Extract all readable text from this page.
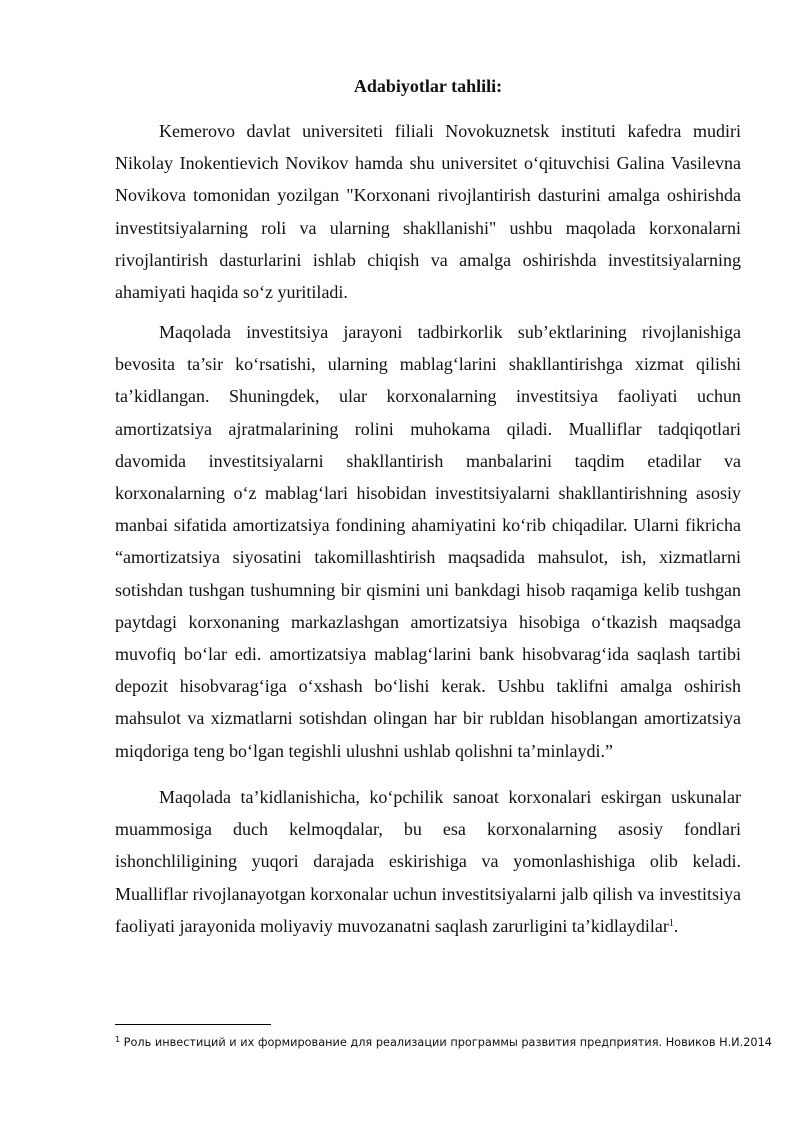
Adabiyotlar tahlili:

Kemerovo davlat universiteti filiali Novokuznetsk instituti kafedra mudiri Nikolay Inokentievich Novikov hamda shu universitet o‘qituvchisi Galina Vasilevna Novikova tomonidan yozilgan "Korxonani rivojlantirish dasturini amalga oshirishda investitsiyalarning roli va ularning shakllanishi" ushbu maqolada korxonalarni rivojlantirish dasturlarini ishlab chiqish va amalga oshirishda investitsiyalarning ahamiyati haqida so‘z yuritiladi.

Maqolada investitsiya jarayoni tadbirkorlik sub’ektlarining rivojlanishiga bevosita ta’sir ko‘rsatishi, ularning mablag‘larini shakllantirishga xizmat qilishi ta’kidlangan. Shuningdek, ular korxonalarning investitsiya faoliyati uchun amortizatsiya ajratmalarining rolini muhokama qiladi. Mualliflar tadqiqotlari davomida investitsiyalarni shakllantirish manbalarini taqdim etadilar va korxonalarning o‘z mablag‘lari hisobidan investitsiyalarni shakllantirishning asosiy manbai sifatida amortizatsiya fondining ahamiyatini ko‘rib chiqadilar. Ularni fikricha “amortizatsiya siyosatini takomillashtirish maqsadida mahsulot, ish, xizmatlarni sotishdan tushgan tushumning bir qismini uni bankdagi hisob raqamiga kelib tushgan paytdagi korxonaning markazlashgan amortizatsiya hisobiga o‘tkazish maqsadga muvofiq bo‘lar edi. amortizatsiya mablag‘larini bank hisobvarag‘ida saqlash tartibi depozit hisobvarag‘iga o‘xshash bo‘lishi kerak. Ushbu taklifni amalga oshirish mahsulot va xizmatlarni sotishdan olingan har bir rubldan hisoblangan amortizatsiya miqdoriga teng bo‘lgan tegishli ulushni ushlab qolishni ta’minlaydi.”

Maqolada ta’kidlanishicha, ko‘pchilik sanoat korxonalari eskirgan uskunalar muammosiga duch kelmoqdalar, bu esa korxonalarning asosiy fondlari ishonchliligining yuqori darajada eskirishiga va yomonlashishiga olib keladi. Mualliflar rivojlanayotgan korxonalar uchun investitsiyalarni jalb qilish va investitsiya faoliyati jarayonida moliyaviy muvozanatni saqlash zarurligini ta’kidlaydilar$^1$.

$^1$ Роль инвестиций и их формирование для реализации программы развития предприятия. Новиков Н.И.2014
